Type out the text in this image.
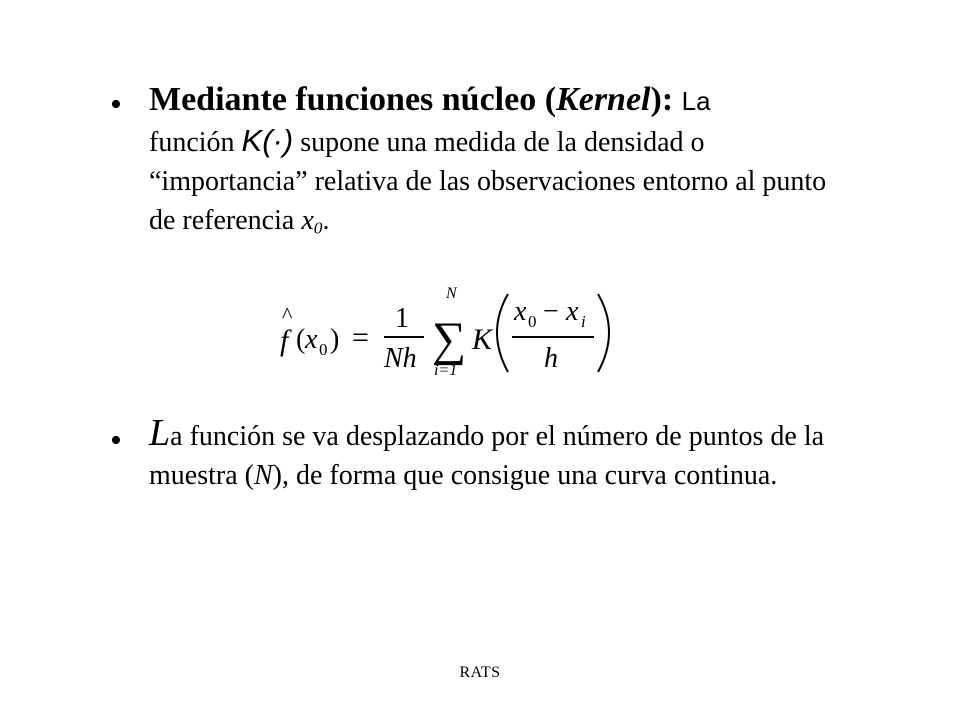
• Mediante funciones núcleo (Kernel): La
función K(·) supone una medida de la densidad o “importancia” relativa de las observaciones entorno al punto de referencia $x_0$.
^
f ( x 0 ) =
1
Nh
N
∑
i=1
K
x 0 − x i
h
• La función se va desplazando por el número de puntos de la muestra (N), de forma que consigue una curva continua.
RATS
